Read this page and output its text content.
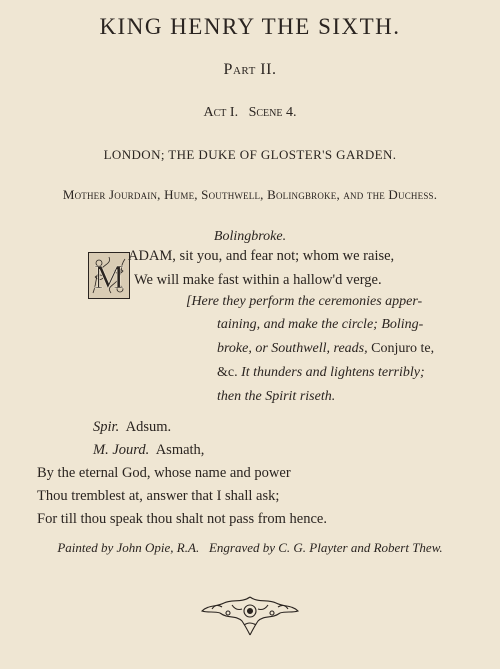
KING HENRY THE SIXTH.
Part II.
Act I.   Scene 4.
LONDON; THE DUKE OF GLOSTER'S GARDEN.
Mother Jourdain, Hume, Southwell, Bolingbroke, and the Duchess.
Bolingbroke.
M
ADAM, sit you, and fear not; whom we raise,
We will make fast within a hallow'd verge.
[Here they perform the ceremonies apper-
taining, and make the circle; Boling-
broke, or Southwell, reads, Conjuro te,
&c. It thunders and lightens terribly;
then the Spirit riseth.
Spir. Adsum.
M. Jourd. Asmath,
By the eternal God, whose name and power
Thou tremblest at, answer that I shall ask;
For till thou speak thou shalt not pass from hence.
Painted by John Opie, R.A.   Engraved by C. G. Playter and Robert Thew.
